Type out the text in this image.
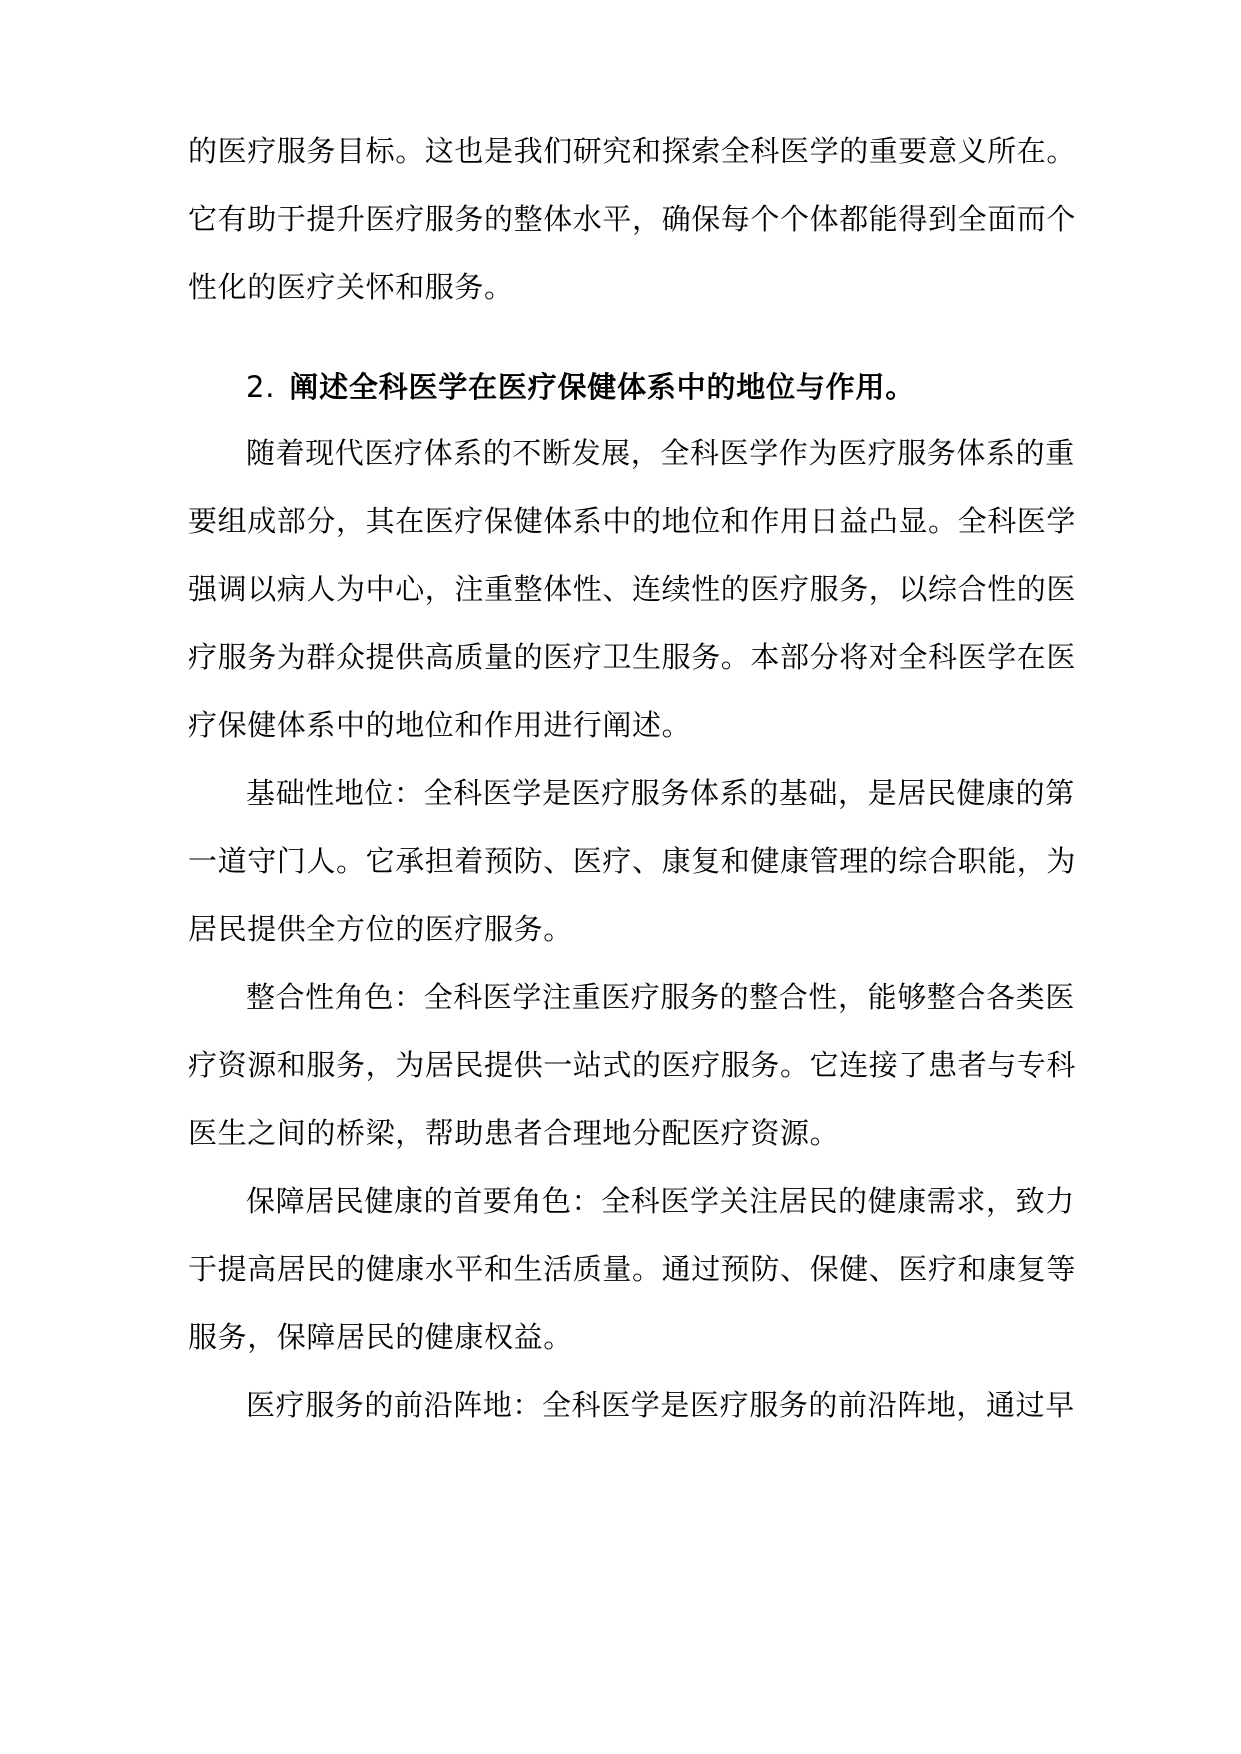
的医疗服务目标。这也是我们研究和探索全科医学的重要意义所在。
它有助于提升医疗服务的整体水平，确保每个个体都能得到全面而个
性化的医疗关怀和服务。
2. 阐述全科医学在医疗保健体系中的地位与作用。
随着现代医疗体系的不断发展，全科医学作为医疗服务体系的重
要组成部分，其在医疗保健体系中的地位和作用日益凸显。全科医学
强调以病人为中心，注重整体性、连续性的医疗服务，以综合性的医
疗服务为群众提供高质量的医疗卫生服务。本部分将对全科医学在医
疗保健体系中的地位和作用进行阐述。
基础性地位：全科医学是医疗服务体系的基础，是居民健康的第
一道守门人。它承担着预防、医疗、康复和健康管理的综合职能，为
居民提供全方位的医疗服务。
整合性角色：全科医学注重医疗服务的整合性，能够整合各类医
疗资源和服务，为居民提供一站式的医疗服务。它连接了患者与专科
医生之间的桥梁，帮助患者合理地分配医疗资源。
保障居民健康的首要角色：全科医学关注居民的健康需求，致力
于提高居民的健康水平和生活质量。通过预防、保健、医疗和康复等
服务，保障居民的健康权益。
医疗服务的前沿阵地：全科医学是医疗服务的前沿阵地，通过早
